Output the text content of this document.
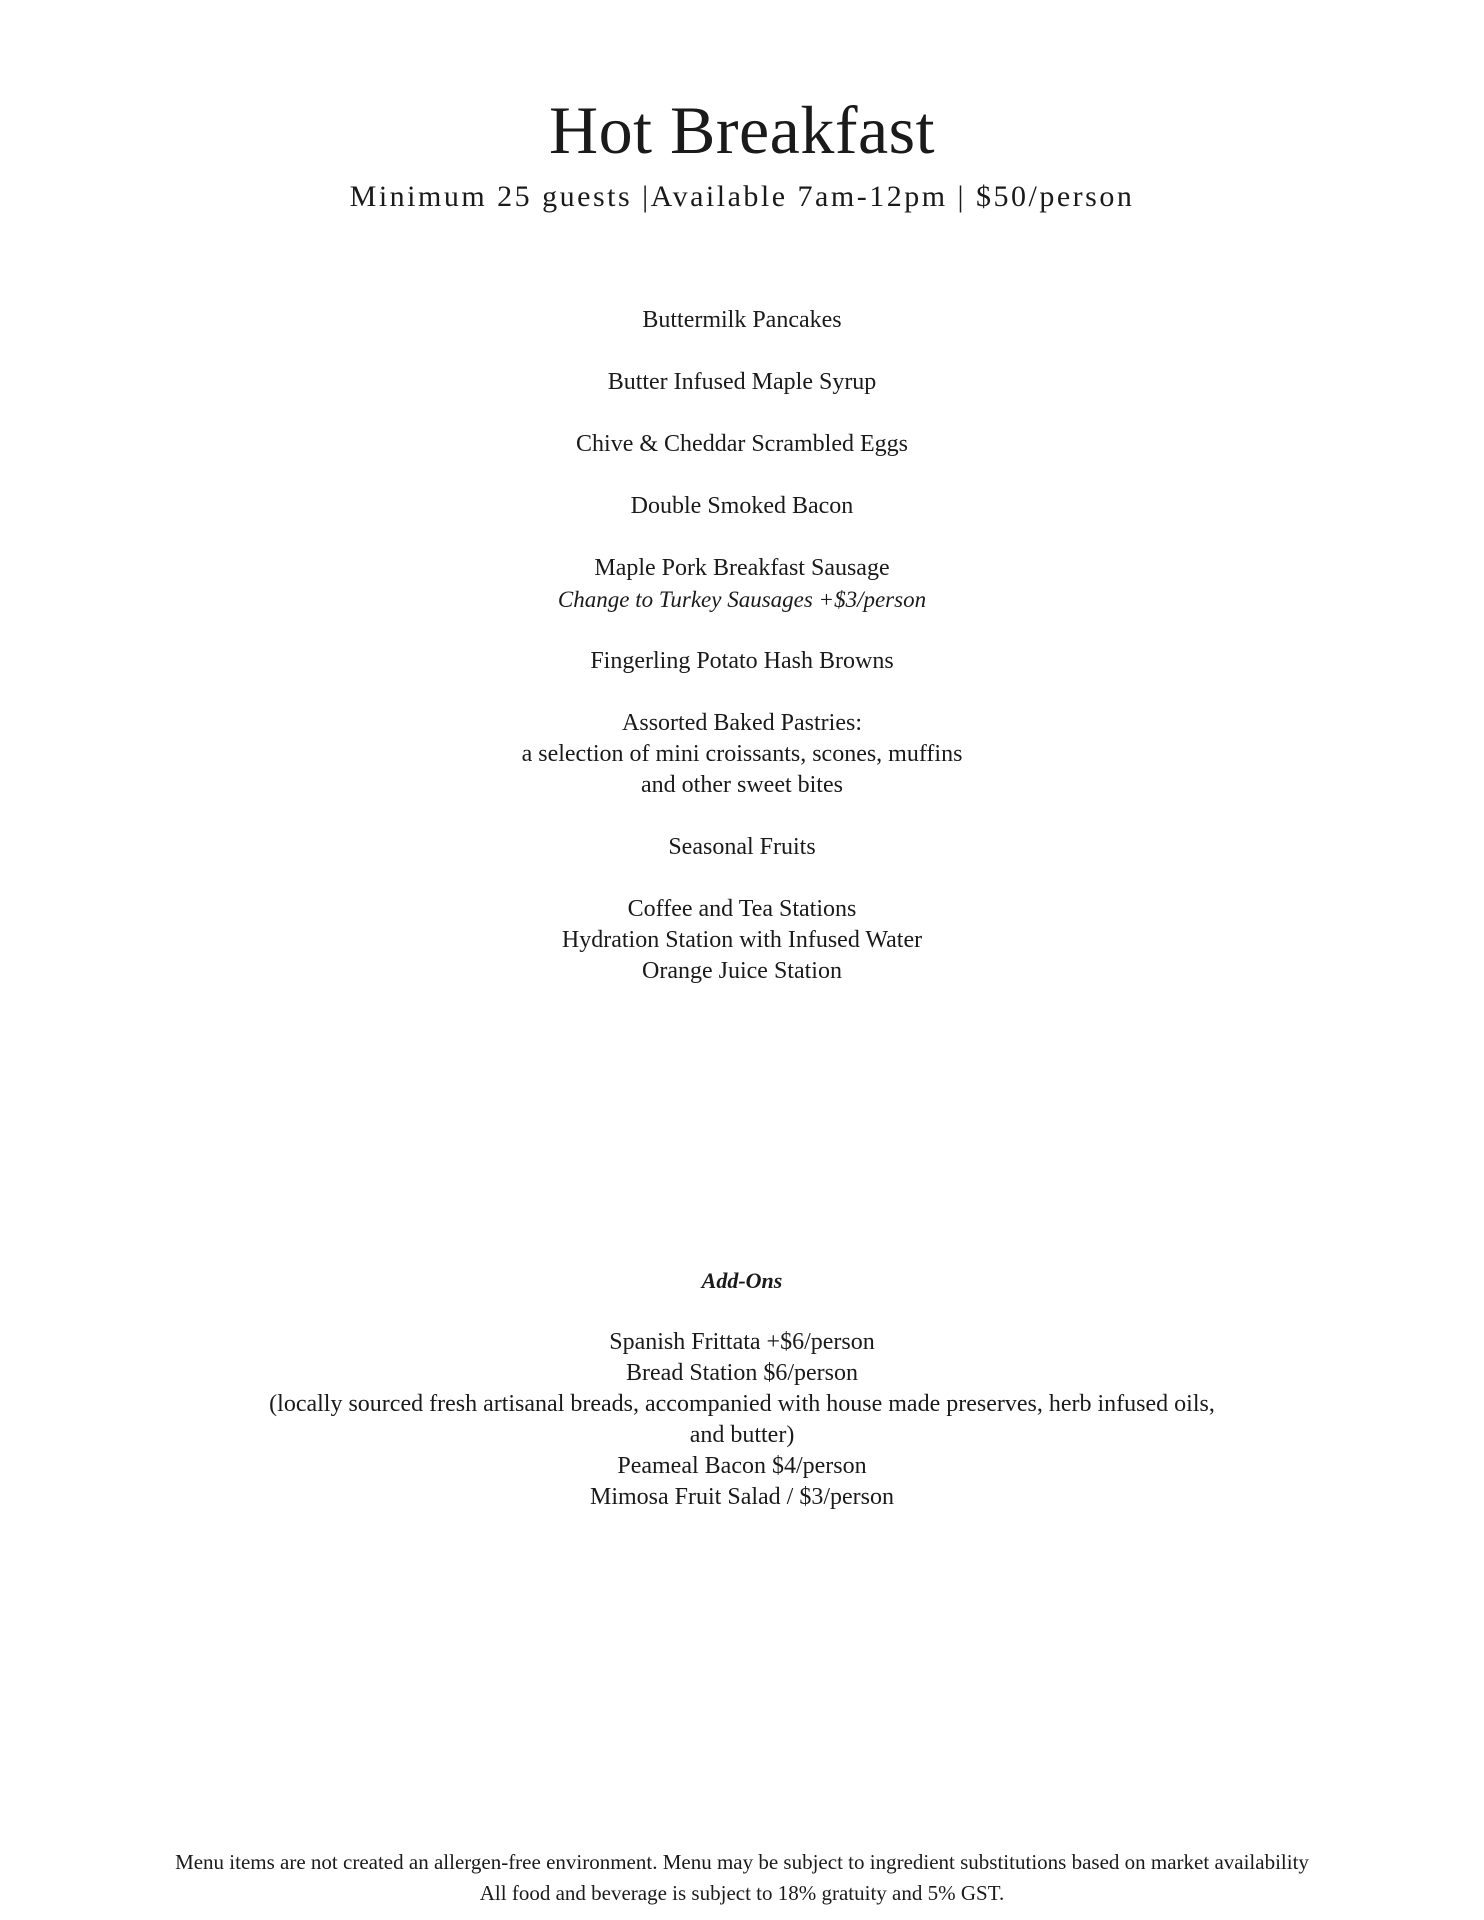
Hot Breakfast
Minimum 25 guests |Available 7am-12pm | $50/person
Buttermilk Pancakes
Butter Infused Maple Syrup
Chive & Cheddar Scrambled Eggs
Double Smoked Bacon
Maple Pork Breakfast Sausage
Change to Turkey Sausages +$3/person
Fingerling Potato Hash Browns
Assorted Baked Pastries:
a selection of mini croissants, scones, muffins
and other sweet bites
Seasonal Fruits
Coffee and Tea Stations
Hydration Station with Infused Water
Orange Juice Station
Add-Ons
Spanish Frittata +$6/person
Bread Station $6/person
(locally sourced fresh artisanal breads, accompanied with house made preserves, herb infused oils, and butter)
Peameal Bacon $4/person
Mimosa Fruit Salad / $3/person
Menu items are not created an allergen-free environment. Menu may be subject to ingredient substitutions based on market availability
All food and beverage is subject to 18% gratuity and 5% GST.
